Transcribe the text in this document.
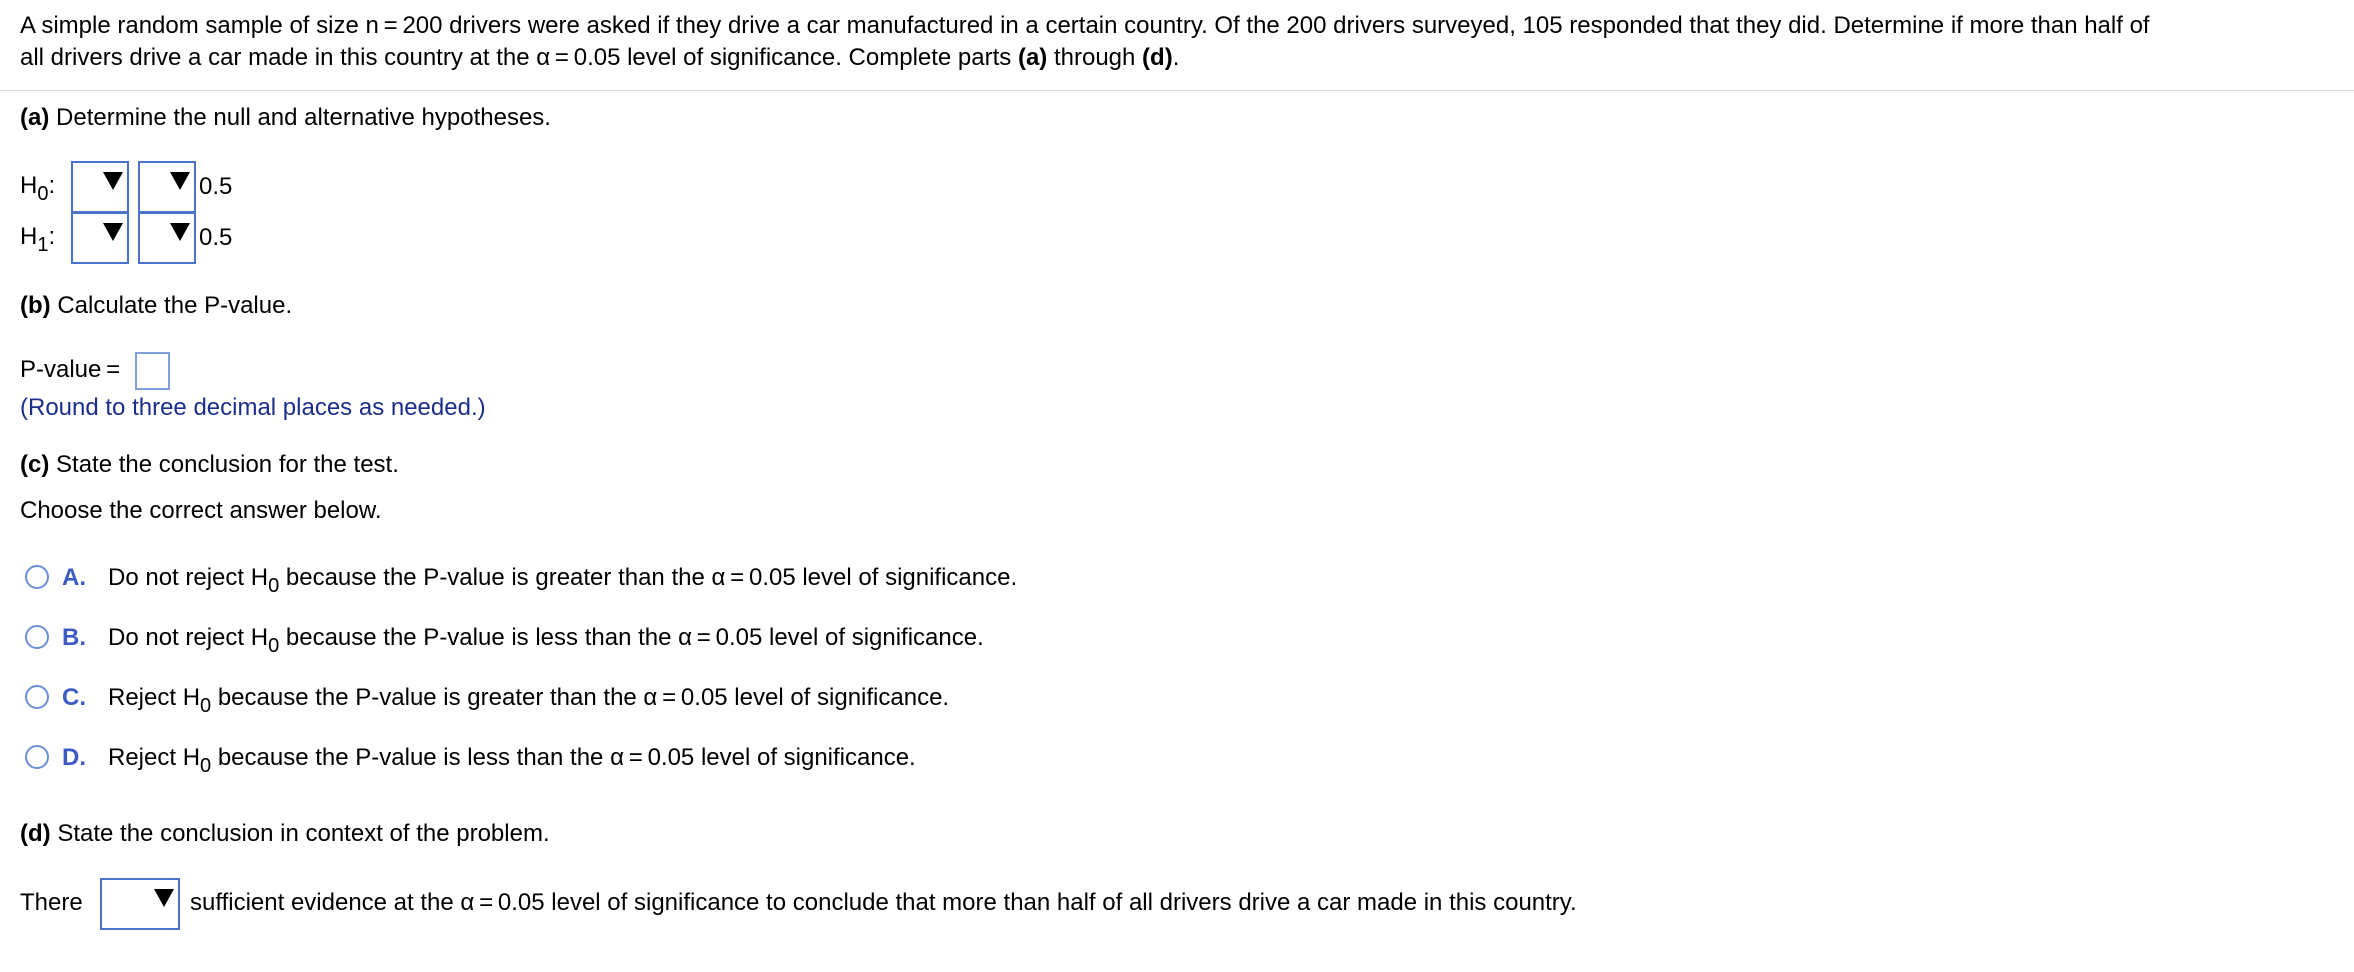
A simple random sample of size n = 200 drivers were asked if they drive a car manufactured in a certain country. Of the 200 drivers surveyed, 105 responded that they did. Determine if more than half of
all drivers drive a car made in this country at the α = 0.05 level of significance. Complete parts (a) through (d).
(a) Determine the null and alternative hypotheses.
$H_0$:	0.5
$H_1$:	0.5
(b) Calculate the P-value.
P-value =
(Round to three decimal places as needed.)
(c) State the conclusion for the test.
Choose the correct answer below.
A. Do not reject $H_0$ because the P-value is greater than the α = 0.05 level of significance.
B. Do not reject $H_0$ because the P-value is less than the α = 0.05 level of significance.
C. Reject $H_0$ because the P-value is greater than the α = 0.05 level of significance.
D. Reject $H_0$ because the P-value is less than the α = 0.05 level of significance.
(d) State the conclusion in context of the problem.
There	sufficient evidence at the α = 0.05 level of significance to conclude that more than half of all drivers drive a car made in this country.
